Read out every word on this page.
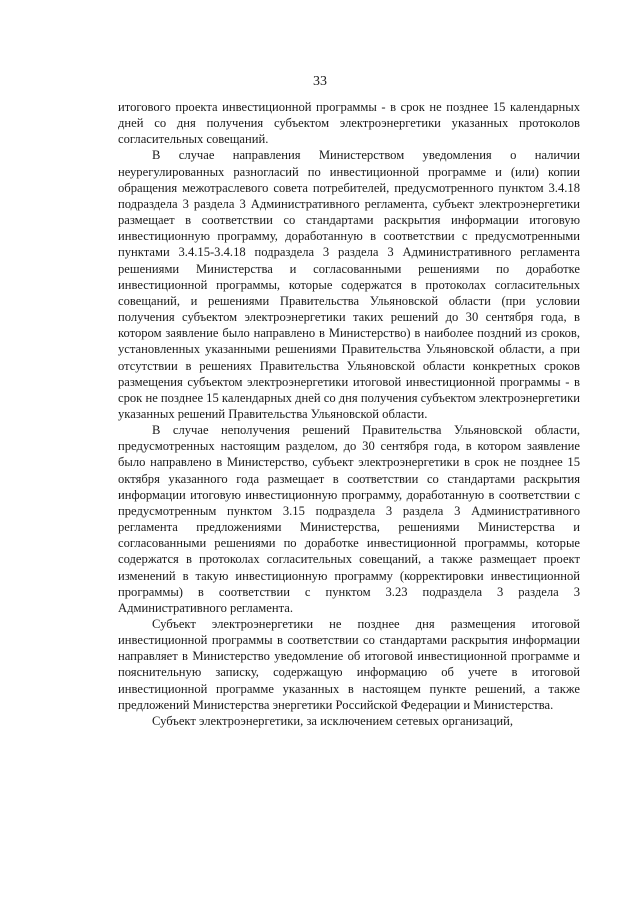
33

итогового проекта инвестиционной программы - в срок не позднее 15 календарных дней со дня получения субъектом электроэнергетики указанных протоколов согласительных совещаний.

В случае направления Министерством уведомления о наличии неурегулированных разногласий по инвестиционной программе и (или) копии обращения межотраслевого совета потребителей, предусмотренного пунктом 3.4.18 подраздела 3 раздела 3 Административного регламента, субъект электроэнергетики размещает в соответствии со стандартами раскрытия информации итоговую инвестиционную программу, доработанную в соответствии с предусмотренными пунктами 3.4.15-3.4.18 подраздела 3 раздела 3 Административного регламента решениями Министерства и согласованными решениями по доработке инвестиционной программы, которые содержатся в протоколах согласительных совещаний, и решениями Правительства Ульяновской области (при условии получения субъектом электроэнергетики таких решений до 30 сентября года, в котором заявление было направлено в Министерство) в наиболее поздний из сроков, установленных указанными решениями Правительства Ульяновской области, а при отсутствии в решениях Правительства Ульяновской области конкретных сроков размещения субъектом электроэнергетики итоговой инвестиционной программы - в срок не позднее 15 календарных дней со дня получения субъектом электроэнергетики указанных решений Правительства Ульяновской области.

В случае неполучения решений Правительства Ульяновской области, предусмотренных настоящим разделом, до 30 сентября года, в котором заявление было направлено в Министерство, субъект электроэнергетики в срок не позднее 15 октября указанного года размещает в соответствии со стандартами раскрытия информации итоговую инвестиционную программу, доработанную в соответствии с предусмотренным пунктом 3.15 подраздела 3 раздела 3 Административного регламента предложениями Министерства, решениями Министерства и согласованными решениями по доработке инвестиционной программы, которые содержатся в протоколах согласительных совещаний, а также размещает проект изменений в такую инвестиционную программу (корректировки инвестиционной программы) в соответствии с пунктом 3.23 подраздела 3 раздела 3 Административного регламента.

Субъект электроэнергетики не позднее дня размещения итоговой инвестиционной программы в соответствии со стандартами раскрытия информации направляет в Министерство уведомление об итоговой инвестиционной программе и пояснительную записку, содержащую информацию об учете в итоговой инвестиционной программе указанных в настоящем пункте решений, а также предложений Министерства энергетики Российской Федерации и Министерства.

Субъект электроэнергетики, за исключением сетевых организаций,
